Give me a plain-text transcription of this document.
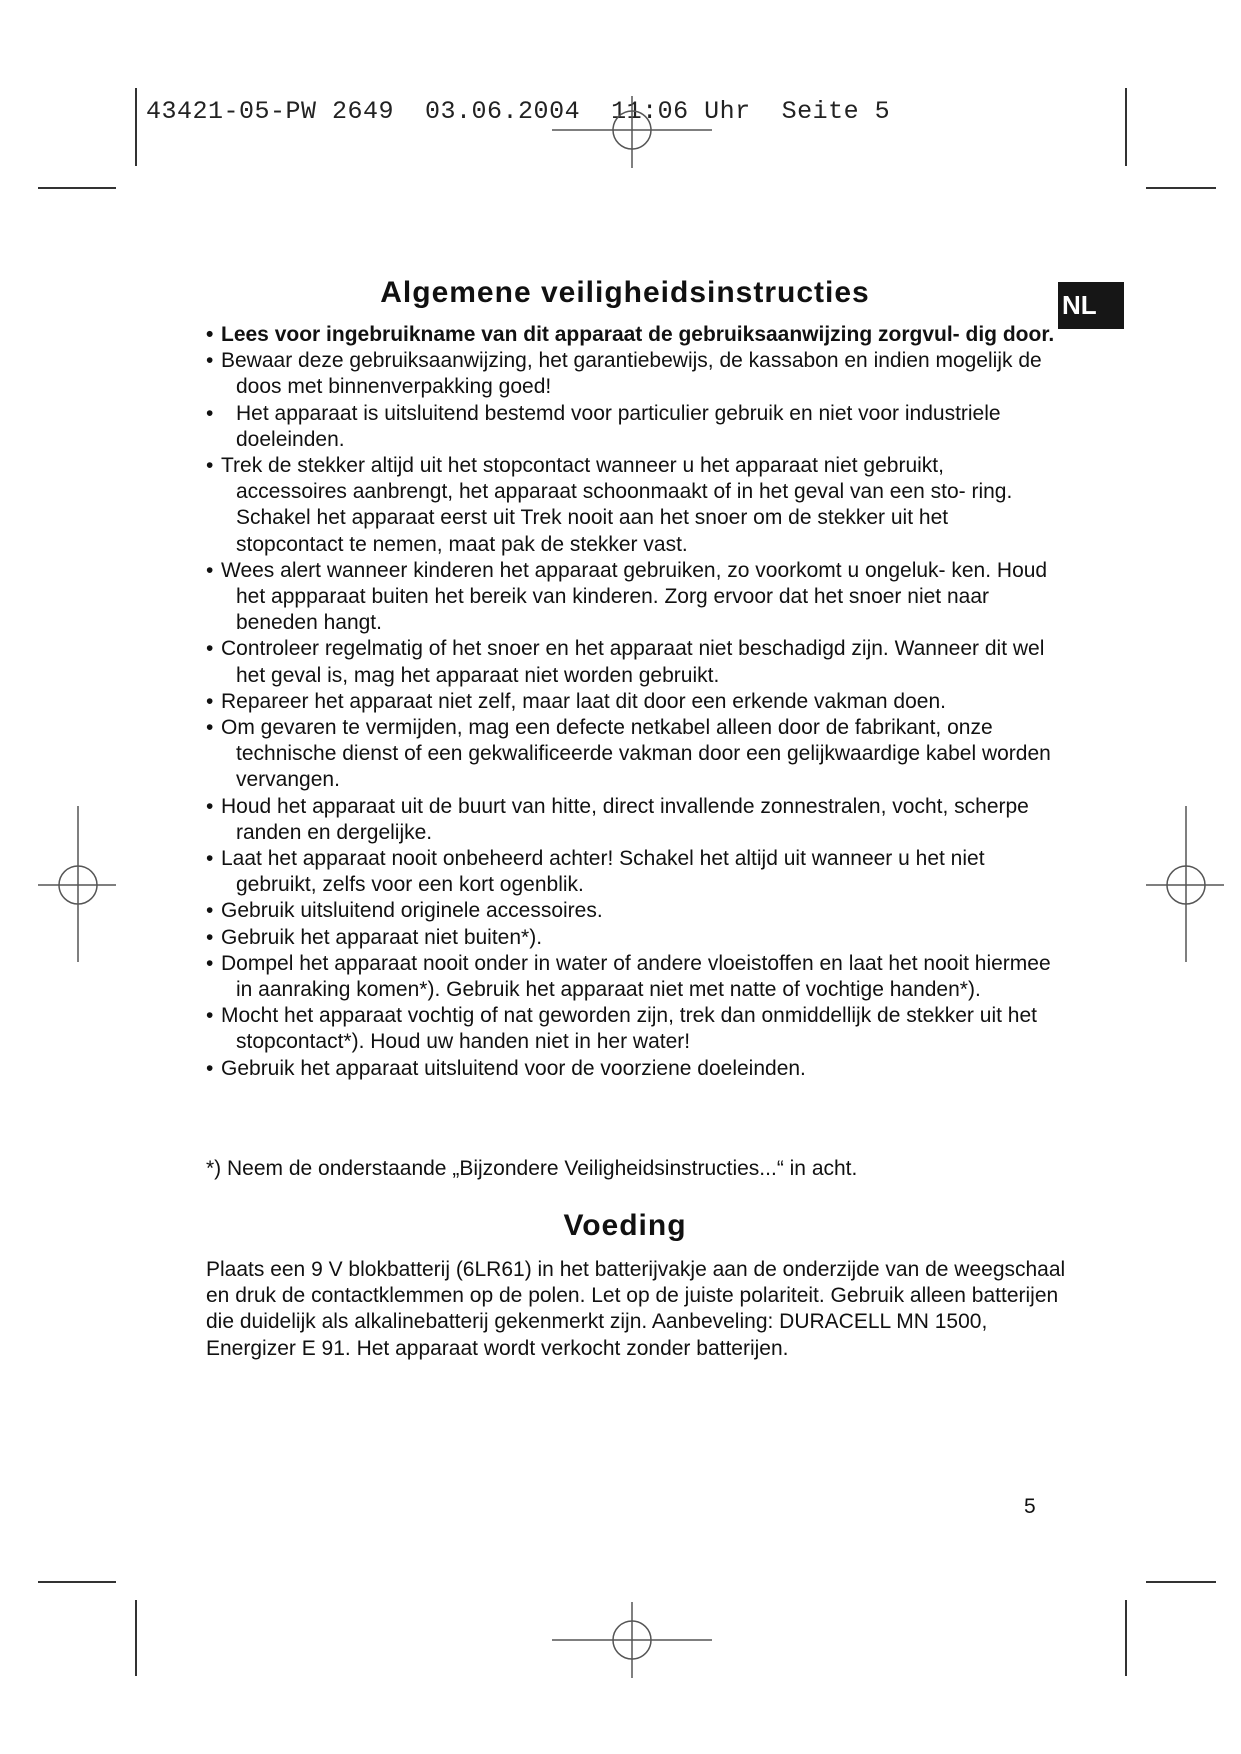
43421-05-PW 2649  03.06.2004  11:06 Uhr  Seite 5
Algemene veiligheidsinstructies	NL
• Lees voor ingebruikname van dit apparaat de gebruiksaanwijzing zorgvul- dig door.
• Bewaar deze gebruiksaanwijzing, het garantiebewijs, de kassabon en indien mogelijk de doos met binnenverpakking goed!
• Het apparaat is uitsluitend bestemd voor particulier gebruik en niet voor industriele doeleinden.
• Trek de stekker altijd uit het stopcontact wanneer u het apparaat niet gebruikt, accessoires aanbrengt, het apparaat schoonmaakt of in het geval van een sto- ring. Schakel het apparaat eerst uit Trek nooit aan het snoer om de stekker uit het stopcontact te nemen, maat pak de stekker vast.
• Wees alert wanneer kinderen het apparaat gebruiken, zo voorkomt u ongeluk- ken. Houd het appparaat buiten het bereik van kinderen. Zorg ervoor dat het snoer niet naar beneden hangt.
• Controleer regelmatig of het snoer en het apparaat niet beschadigd zijn. Wanneer dit wel het geval is, mag het apparaat niet worden gebruikt.
• Repareer het apparaat niet zelf, maar laat dit door een erkende vakman doen.
• Om gevaren te vermijden, mag een defecte netkabel alleen door de fabrikant, onze technische dienst of een gekwalificeerde vakman door een gelijkwaardige kabel worden vervangen.
• Houd het apparaat uit de buurt van hitte, direct invallende zonnestralen, vocht, scherpe randen en dergelijke.
• Laat het apparaat nooit onbeheerd achter! Schakel het altijd uit wanneer u het niet gebruikt, zelfs voor een kort ogenblik.
• Gebruik uitsluitend originele accessoires.
• Gebruik het apparaat niet buiten*).
• Dompel het apparaat nooit onder in water of andere vloeistoffen en laat het nooit hiermee in aanraking komen*). Gebruik het apparaat niet met natte of vochtige handen*).
• Mocht het apparaat vochtig of nat geworden zijn, trek dan onmiddellijk de stekker uit het stopcontact*). Houd uw handen niet in her water!
• Gebruik het apparaat uitsluitend voor de voorziene doeleinden.

*) Neem de onderstaande „Bijzondere Veiligheidsinstructies...“ in acht.

Voeding

Plaats een 9 V blokbatterij (6LR61) in het batterijvakje aan de onderzijde van de weegschaal en druk de contactklemmen op de polen. Let op de juiste polariteit. Gebruik alleen batterijen die duidelijk als alkalinebatterij gekenmerkt zijn. Aanbeveling: DURACELL MN 1500, Energizer E 91. Het apparaat wordt verkocht zonder batterijen.

5
